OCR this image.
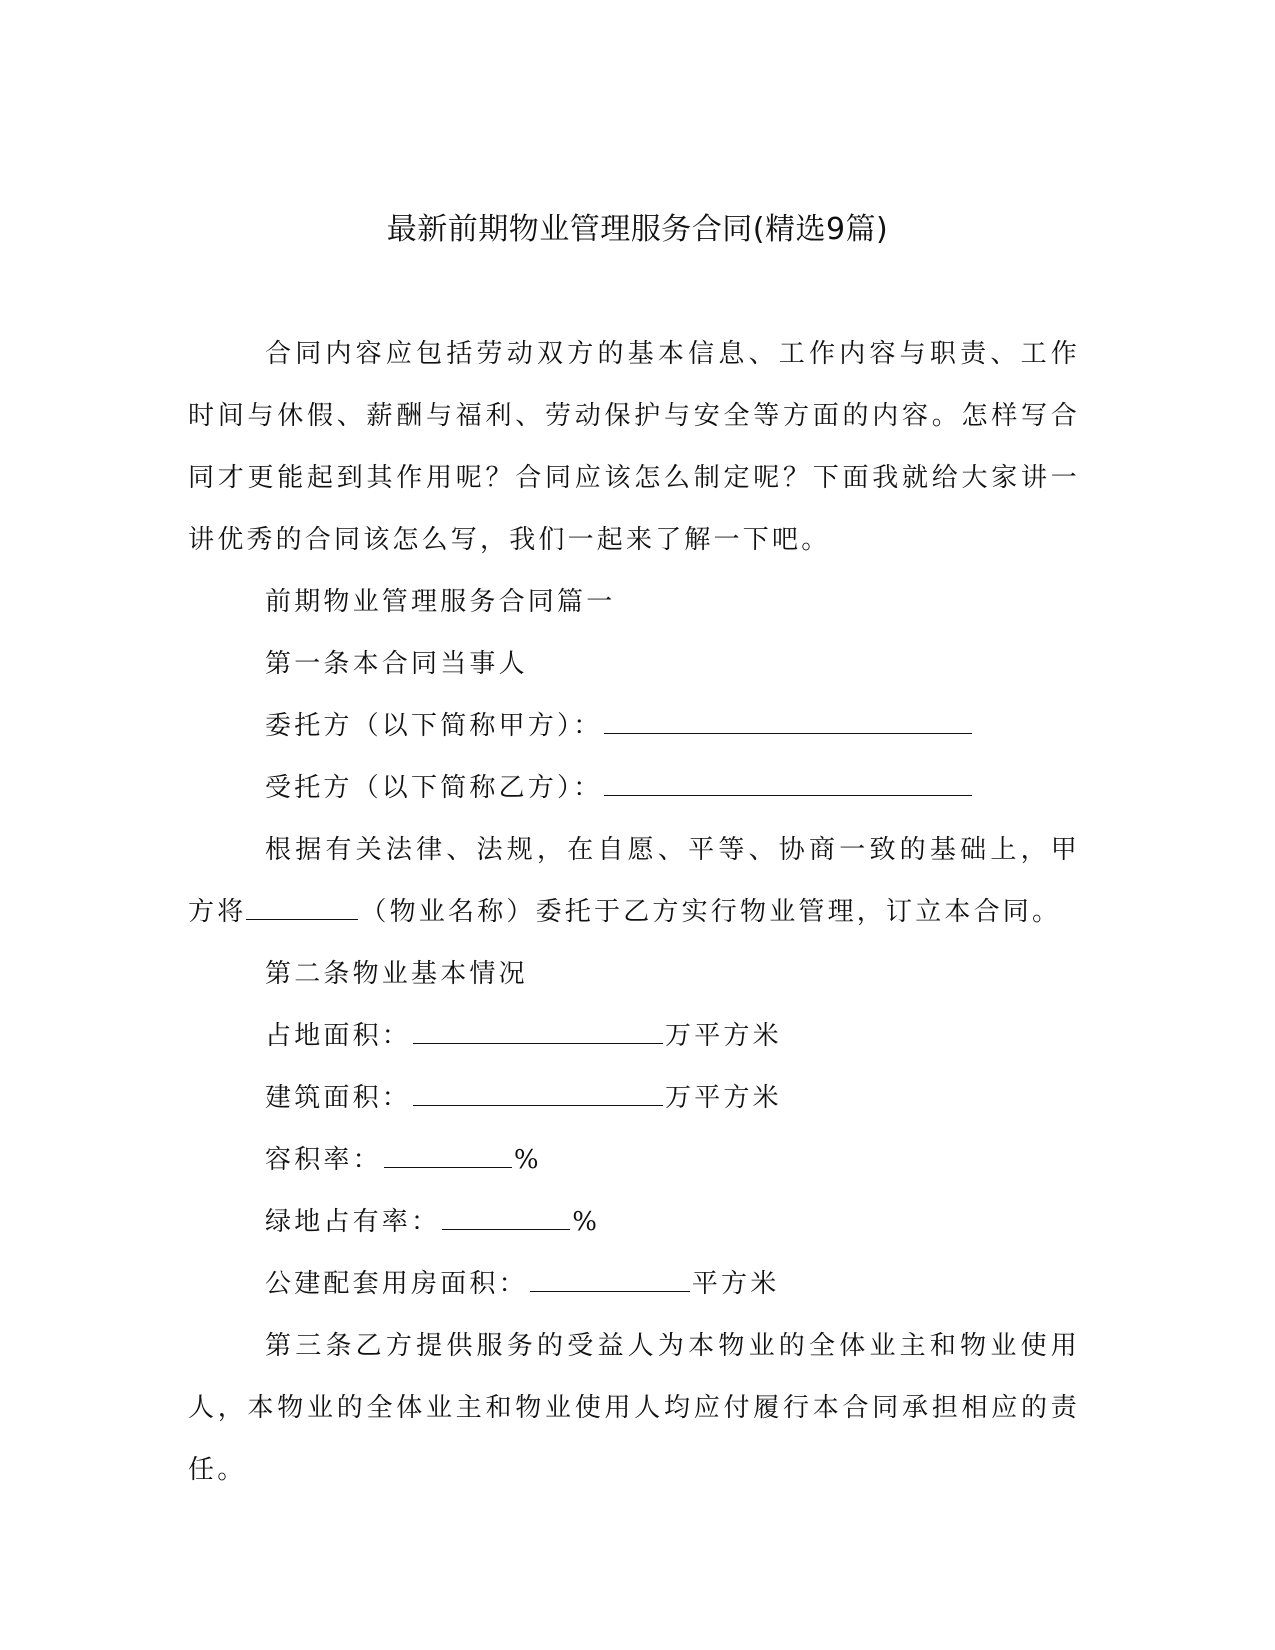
最新前期物业管理服务合同(精选9篇)

合同内容应包括劳动双方的基本信息、工作内容与职责、工作时间与休假、薪酬与福利、劳动保护与安全等方面的内容。怎样写合同才更能起到其作用呢？合同应该怎么制定呢？下面我就给大家讲一讲优秀的合同该怎么写，我们一起来了解一下吧。

前期物业管理服务合同篇一

第一条本合同当事人

委托方（以下简称甲方）：

受托方（以下简称乙方）：

根据有关法律、法规，在自愿、平等、协商一致的基础上，甲方将	（物业名称）委托于乙方实行物业管理，订立本合同。

第二条物业基本情况

占地面积：	万平方米

建筑面积：	万平方米

容积率：	%

绿地占有率：	%

公建配套用房面积：	平方米

第三条乙方提供服务的受益人为本物业的全体业主和物业使用人，本物业的全体业主和物业使用人均应付履行本合同承担相应的责任。
